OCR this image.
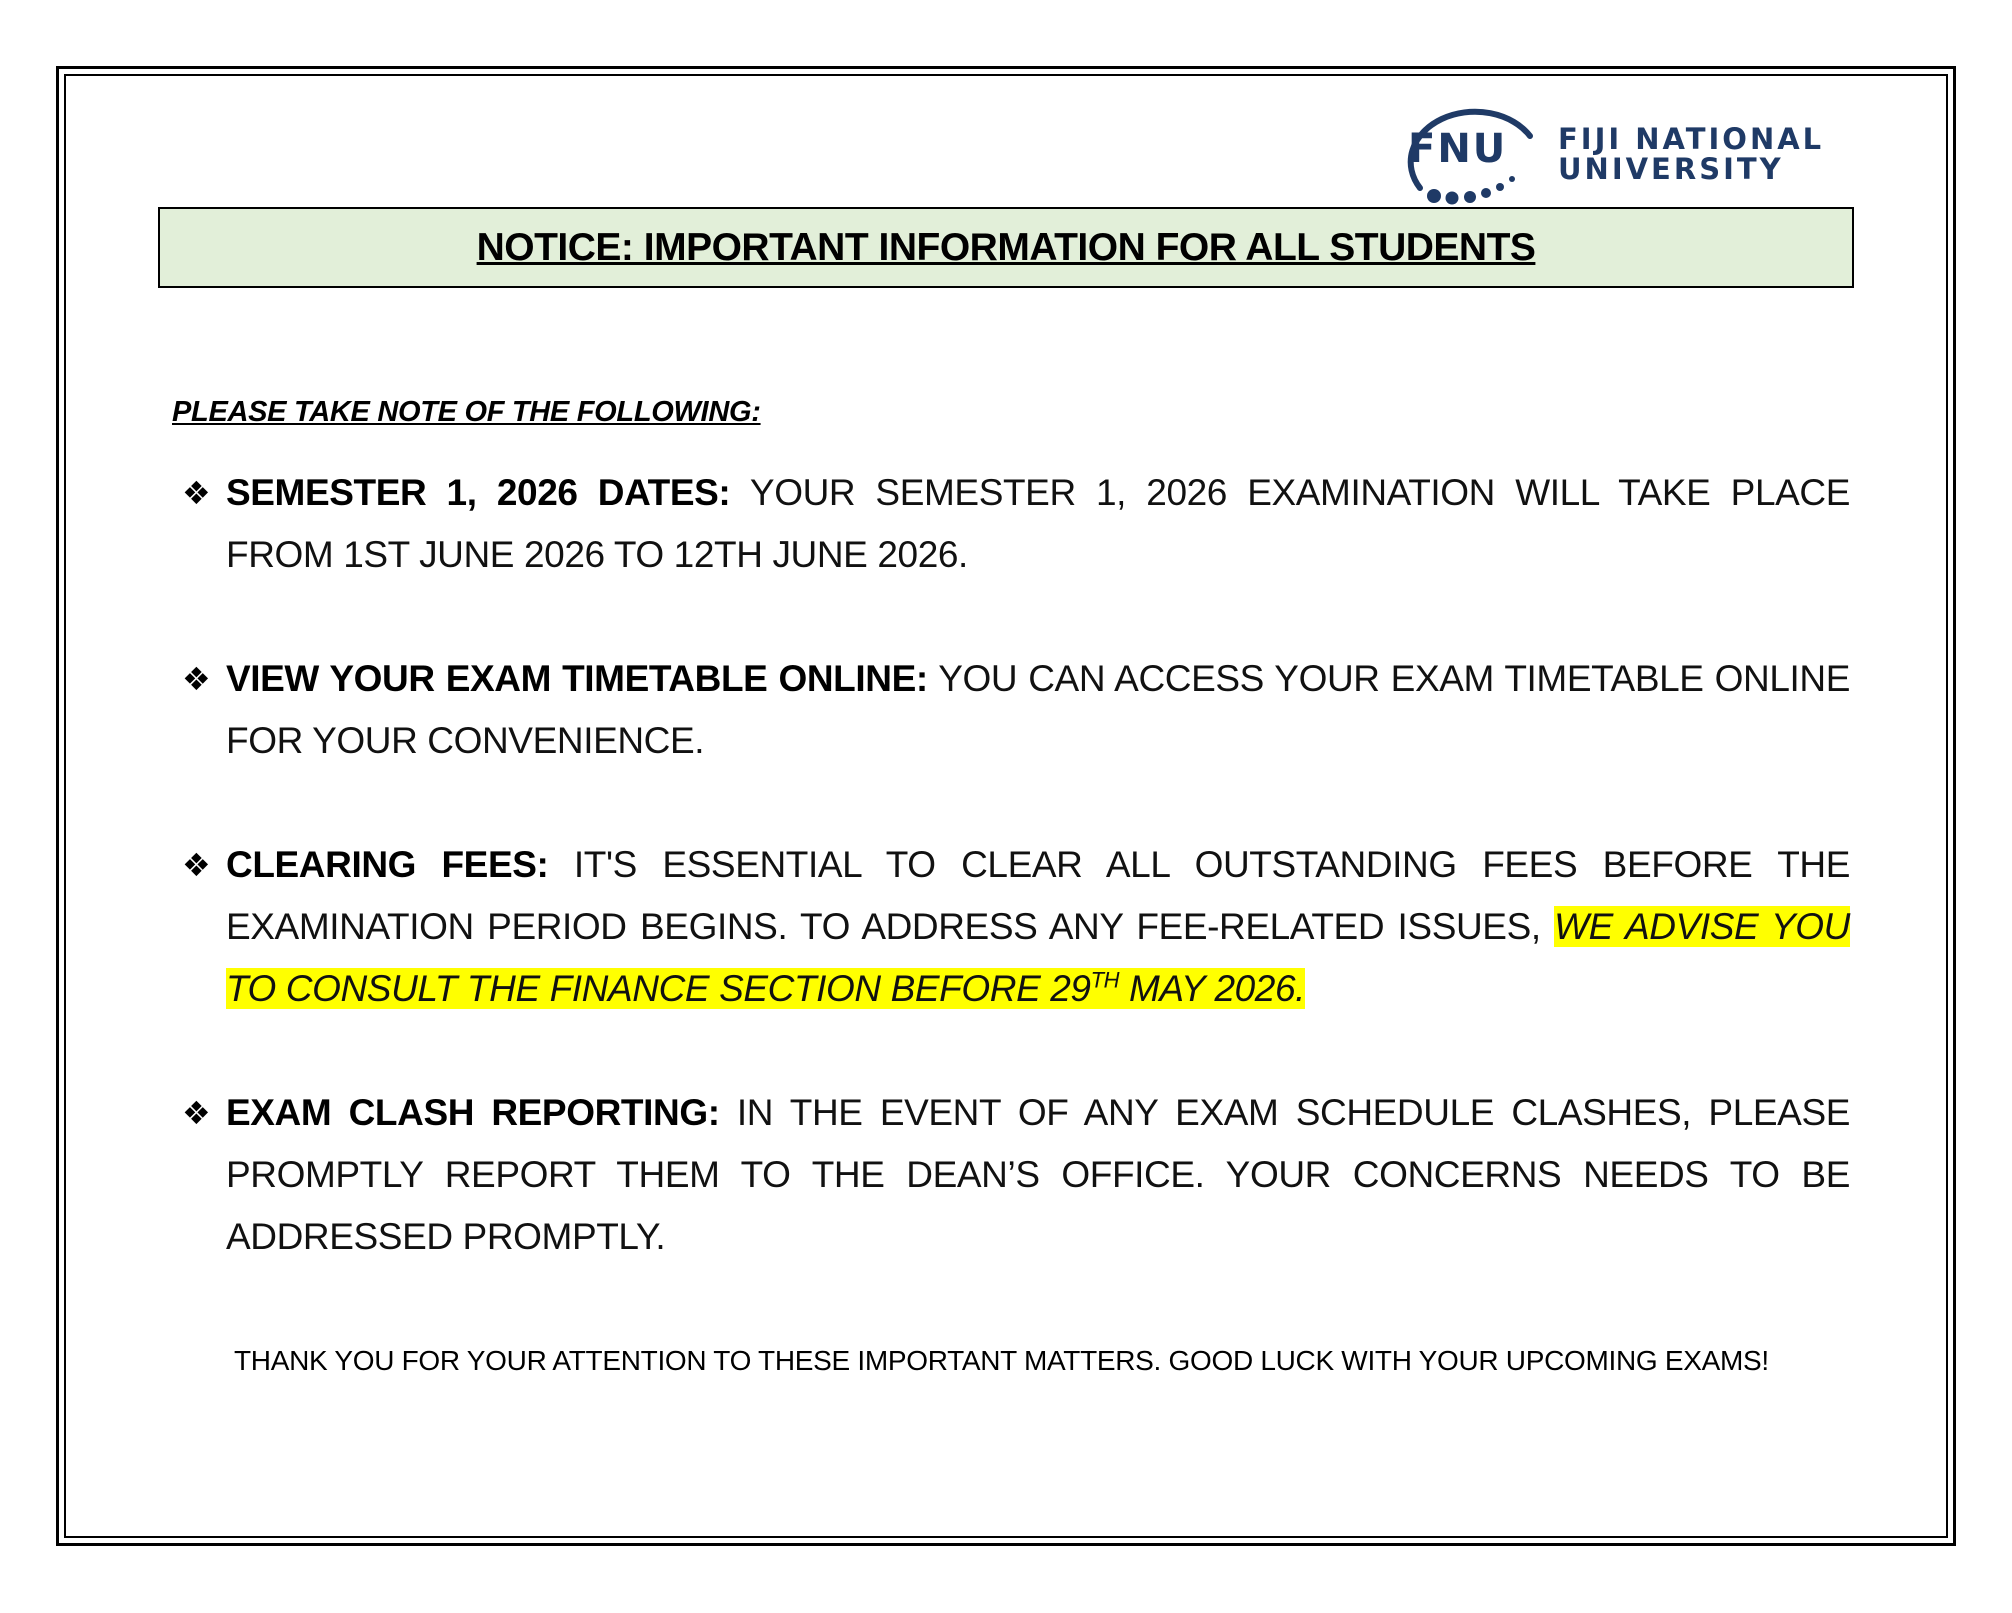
FNU FIJI NATIONAL
UNIVERSITY
NOTICE: IMPORTANT INFORMATION FOR ALL STUDENTS
PLEASE TAKE NOTE OF THE FOLLOWING:
❖ SEMESTER 1, 2026 DATES: YOUR SEMESTER 1, 2026 EXAMINATION WILL TAKE PLACE FROM 1ST JUNE 2026 TO 12TH JUNE 2026.
❖ VIEW YOUR EXAM TIMETABLE ONLINE: YOU CAN ACCESS YOUR EXAM TIMETABLE ONLINE FOR YOUR CONVENIENCE.
❖ CLEARING FEES: IT'S ESSENTIAL TO CLEAR ALL OUTSTANDING FEES BEFORE THE EXAMINATION PERIOD BEGINS. TO ADDRESS ANY FEE-RELATED ISSUES, WE ADVISE YOU TO CONSULT THE FINANCE SECTION BEFORE 29TH MAY 2026.
❖ EXAM CLASH REPORTING: IN THE EVENT OF ANY EXAM SCHEDULE CLASHES, PLEASE PROMPTLY REPORT THEM TO THE DEAN’S OFFICE. YOUR CONCERNS NEEDS TO BE ADDRESSED PROMPTLY.
THANK YOU FOR YOUR ATTENTION TO THESE IMPORTANT MATTERS. GOOD LUCK WITH YOUR UPCOMING EXAMS!
